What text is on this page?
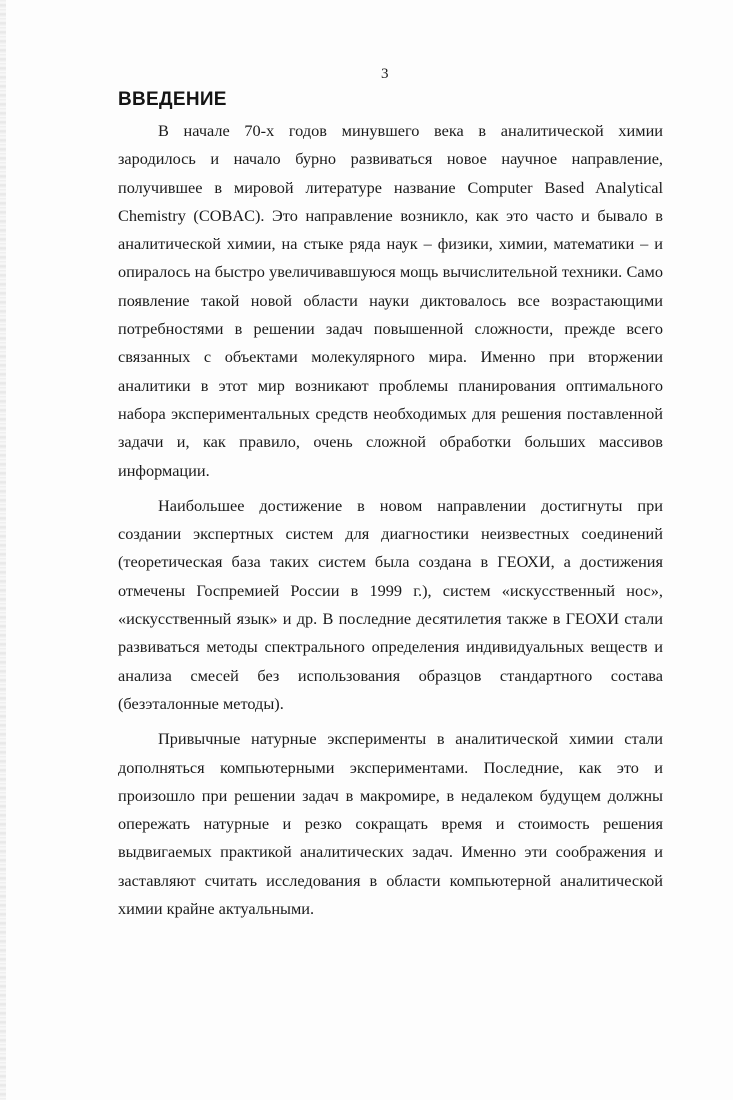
3
ВВЕДЕНИЕ

В начале 70-х годов минувшего века в аналитической химии
зародилось и начало бурно развиваться новое научное направление,
получившее в мировой литературе название Computer Based Analytical
Chemistry (COBAC). Это направление возникло, как это часто и бывало в
аналитической химии, на стыке ряда наук – физики, химии, математики – и
опиралось на быстро увеличивавшуюся мощь вычислительной техники. Само
появление такой новой области науки диктовалось все возрастающими
потребностями в решении задач повышенной сложности, прежде всего
связанных с объектами молекулярного мира. Именно при вторжении
аналитики в этот мир возникают проблемы планирования оптимального
набора экспериментальных средств необходимых для решения поставленной
задачи и, как правило, очень сложной обработки больших массивов
информации.

Наибольшее достижение в новом направлении достигнуты при
создании экспертных систем для диагностики неизвестных соединений
(теоретическая база таких систем была создана в ГЕОХИ, а достижения
отмечены Госпремией России в 1999 г.), систем «искусственный нос»,
«искусственный язык» и др. В последние десятилетия также в ГЕОХИ стали
развиваться методы спектрального определения индивидуальных веществ и
анализа смесей без использования образцов стандартного состава
(безэталонные методы).

Привычные натурные эксперименты в аналитической химии стали
дополняться компьютерными экспериментами. Последние, как это и
произошло при решении задач в макромире, в недалеком будущем должны
опережать натурные и резко сокращать время и стоимость решения
выдвигаемых практикой аналитических задач. Именно эти соображения и
заставляют считать исследования в области компьютерной аналитической
химии крайне актуальными.
